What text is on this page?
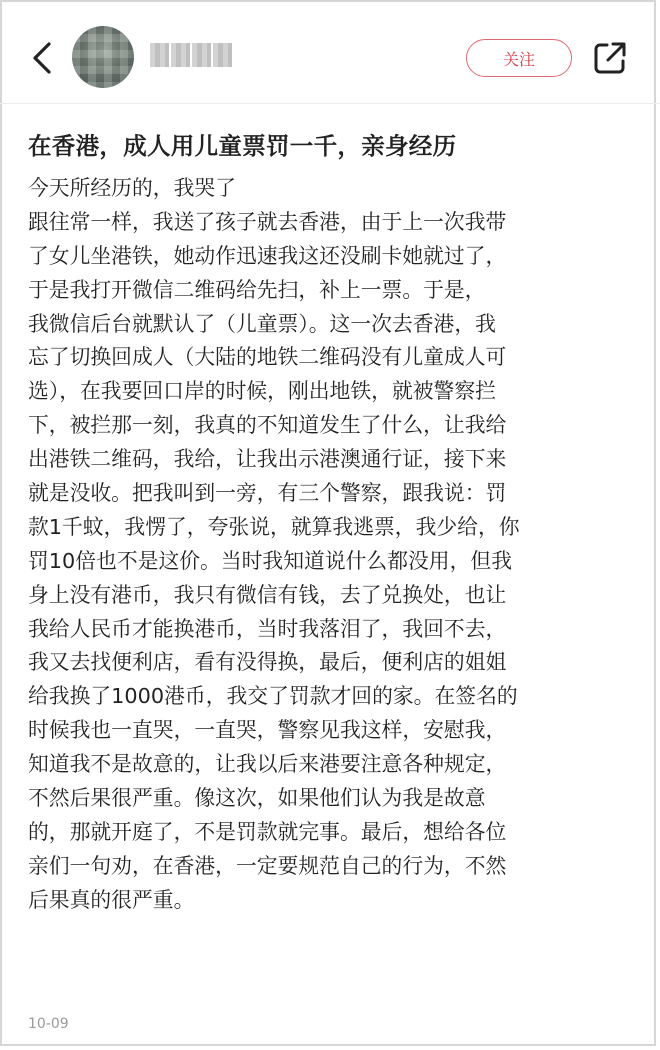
关注
在香港，成人用儿童票罚一千，亲身经历
今天所经历的，我哭了
跟往常一样，我送了孩子就去香港，由于上一次我带
了女儿坐港铁，她动作迅速我这还没刷卡她就过了，
于是我打开微信二维码给先扫，补上一票。于是，
我微信后台就默认了（儿童票）。这一次去香港，我
忘了切换回成人（大陆的地铁二维码没有儿童成人可
选），在我要回口岸的时候，刚出地铁，就被警察拦
下，被拦那一刻，我真的不知道发生了什么，让我给
出港铁二维码，我给，让我出示港澳通行证，接下来
就是没收。把我叫到一旁，有三个警察，跟我说：罚
款1千蚊，我愣了，夸张说，就算我逃票，我少给，你
罚10倍也不是这价。当时我知道说什么都没用，但我
身上没有港币，我只有微信有钱，去了兑换处，也让
我给人民币才能换港币，当时我落泪了，我回不去，
我又去找便利店，看有没得换，最后，便利店的姐姐
给我换了1000港币，我交了罚款才回的家。在签名的
时候我也一直哭，一直哭，警察见我这样，安慰我，
知道我不是故意的，让我以后来港要注意各种规定，
不然后果很严重。像这次，如果他们认为我是故意
的，那就开庭了，不是罚款就完事。最后，想给各位
亲们一句劝，在香港，一定要规范自己的行为，不然
后果真的很严重。
10-09
